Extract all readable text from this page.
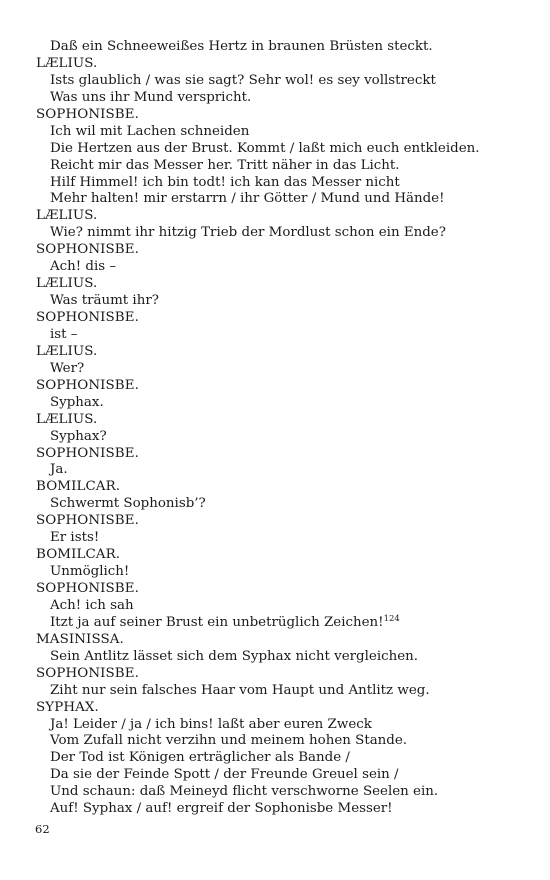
Daß ein Schneeweißes Hertz in braunen Brüsten steckt.
LÆLIUS.
Ists glaublich / was sie sagt? Sehr wol! es sey vollstreckt
Was uns ihr Mund verspricht.
SOPHONISBE.
Ich wil mit Lachen schneiden
Die Hertzen aus der Brust. Kommt / laßt mich euch entkleiden.
Reicht mir das Messer her. Tritt näher in das Licht.
Hilf Himmel! ich bin todt! ich kan das Messer nicht
Mehr halten! mir erstarrn / ihr Götter / Mund und Hände!
LÆLIUS.
Wie? nimmt ihr hitzig Trieb der Mordlust schon ein Ende?
SOPHONISBE.
Ach! dis –
LÆLIUS.
Was träumt ihr?
SOPHONISBE.
ist –
LÆLIUS.
Wer?
SOPHONISBE.
Syphax.
LÆLIUS.
Syphax?
SOPHONISBE.
Ja.
BOMILCAR.
Schwermt Sophonisb’?
SOPHONISBE.
Er ists!
BOMILCAR.
Unmöglich!
SOPHONISBE.
Ach! ich sah
Itzt ja auf seiner Brust ein unbetrüglich Zeichen!$^{124}$
MASINISSA.
Sein Antlitz lässet sich dem Syphax nicht vergleichen.
SOPHONISBE.
Ziht nur sein falsches Haar vom Haupt und Antlitz weg.
SYPHAX.
Ja! Leider / ja / ich bins! laßt aber euren Zweck
Vom Zufall nicht verzihn und meinem hohen Stande.
Der Tod ist Königen erträglicher als Bande /
Da sie der Feinde Spott / der Freunde Greuel sein /
Und schaun: daß Meineyd flicht verschworne Seelen ein.
Auf! Syphax / auf! ergreif der Sophonisbe Messer!
62
